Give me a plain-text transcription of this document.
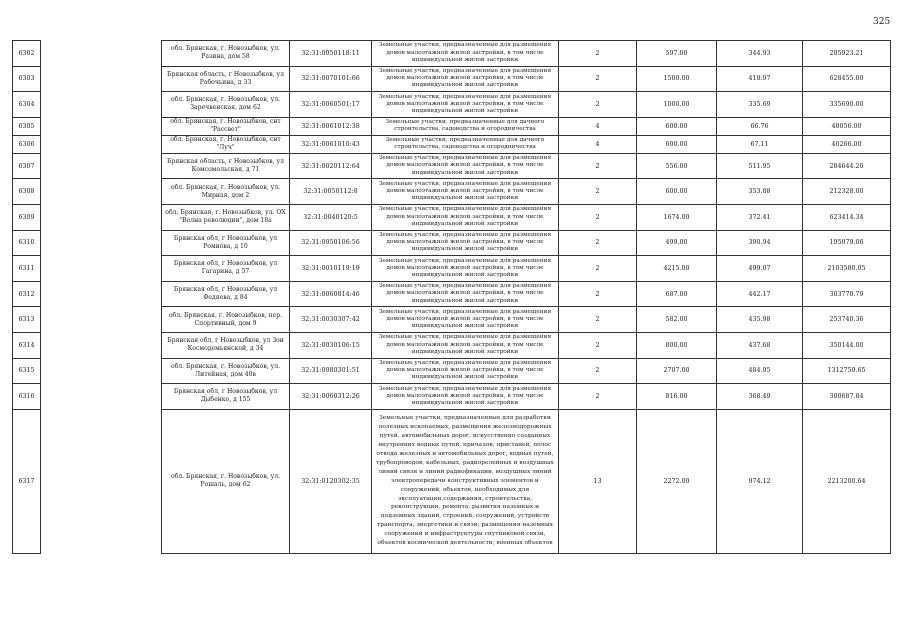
325
6302		обл. Брянская, г. Новозыбков, ул. Разина, дом 58	32:31:0050118:11	Земельные участки, предназначенные для размещения домов малоэтажной жилой застройки, в том числе индивидуальной жилой застройки	2	597.00	344.93	205923.21
6303		Брянская область, г Новозыбков, ул Рабочьина, д 33	32:31:0070101:66	Земельные участки, предназначенные для размещения домов малоэтажной жилой застройки, в том числе индивидуальной жилой застройки	2	1500.00	418.97	628455.00
6304		обл. Брянская, г. Новозыбков, ул. Заречвенская, дом 62	32:31:0060501:17	Земельные участки, предназначенные для размещения домов малоэтажной жилой застройки, в том числе индивидуальной жилой застройки	2	1000.00	335.69	335690.00
6305		обл. Брянская, г. Новозыбков, снт "Рассвет"	32:31:0061012:38	Земельные участки, предназначенные для дачного строительства, садоводства и огородничества	4	600.00	66.76	40056.00
6306		обл. Брянская, г. Новозыбков, снт "Луч"	32:31:0061010:43	Земельные участки, предназначенные для дачного строительства, садоводства и огородничества	4	600.00	67.11	40266.00
6307		Брянская область, г Новозыбков, ул Комсомольская, д 71	32:31:0020112:64	Земельные участки, предназначенные для размещения домов малоэтажной жилой застройки, в том числе индивидуальной жилой застройки	2	556.00	511.95	284644.20
6308		обл. Брянская, г. Новозыбков, ул. Мирная, дом 2	32:31:0050112:8	Земельные участки, предназначенные для размещения домов малоэтажной жилой застройки, в том числе индивидуальной жилой застройки	2	600.00	353.88	212328.00
6309		обл. Брянская, г. Новозыбков, ул. ОХ "Волна революции", дом 18а	32:31:0040120:5	Земельные участки, предназначенные для размещения домов малоэтажной жилой застройки, в том числе индивидуальной жилой застройки	2	1674.00	372.41	623414.34
6310		Брянская обл, г Новозыбков, ул Ромнова, д 10	32:31:0050106:56	Земельные участки, предназначенные для размещения домов малоэтажной жилой застройки, в том числе индивидуальной жилой застройки	2	499.00	390.94	195079.06
6311		Брянская обл, г Новозыбков, ул Гагарина, д 57	32:31:0010119:19	Земельные участки, предназначенные для размещения домов малоэтажной жилой застройки, в том числе индивидуальной жилой застройки	2	4215.00	499.07	2103580.05
6312		Брянская обл, г Новозыбков, ул Федяева, д 84	32:31:0060814:46	Земельные участки, предназначенные для размещения домов малоэтажной жилой застройки, в том числе индивидуальной жилой застройки	2	687.00	442.17	303770.79
6313		обл. Брянская, г. Новозыбков, пер. Спортивный, дом 9	32:31:0030307:42	Земельные участки, предназначенные для размещения домов малоэтажной жилой застройки, в том числе индивидуальной жилой застройки	2	582.00	435.98	253740.36
6314		Брянская обл, г Новозыбков, ул Зои Космодемьянской, д 34	32:31:0030106:15	Земельные участки, предназначенные для размещения домов малоэтажной жилой застройки, в том числе индивидуальной жилой застройки	2	800.00	437.68	350144.00
6315		обл. Брянская, г. Новозыбков, ул. Литейная, дом 40в	32:31:0080301:51	Земельные участки, предназначенные для размещения домов малоэтажной жилой застройки, в том числе индивидуальной жилой застройки	2	2707.00	484.95	1312759.65
6316		Брянская обл, г Новозыбков, ул Дыбенко, д 155	32:31:0060312:26	Земельные участки, предназначенные для размещения домов малоэтажной жилой застройки, в том числе индивидуальной жилой застройки	2	816.00	368.49	300687.84
6317		обл. Брянская, г. Новозыбков, ул. Рошаль, дом 62	32:31:0120302:35	Земельные участки, предназначенные для разработки полезных ископаемых, размещения железнодорожных путей, автомобильных дорог, искусственно созданных внутренних водных путей, причалов, пристаней, полос отвода железных и автомобильных дорог, водных путей, трубопроводов, кабельных, радиорелейных и воздушных линий связи и линий радиофикации, воздушных линий электропередачи конструктивных элементов и сооружений, объектов, необходимых для эксплуатации,содержания, строительства, реконструкции, ремонта, развития наземных и подземных зданий, строений, сооружений, устройств транспорта, энергетики и связи; размещения наземных сооружений и инфраструктуры спутниковой связи, объектов космической деятельности, военных объектов	13	2272.00	974.12	2213200.64
